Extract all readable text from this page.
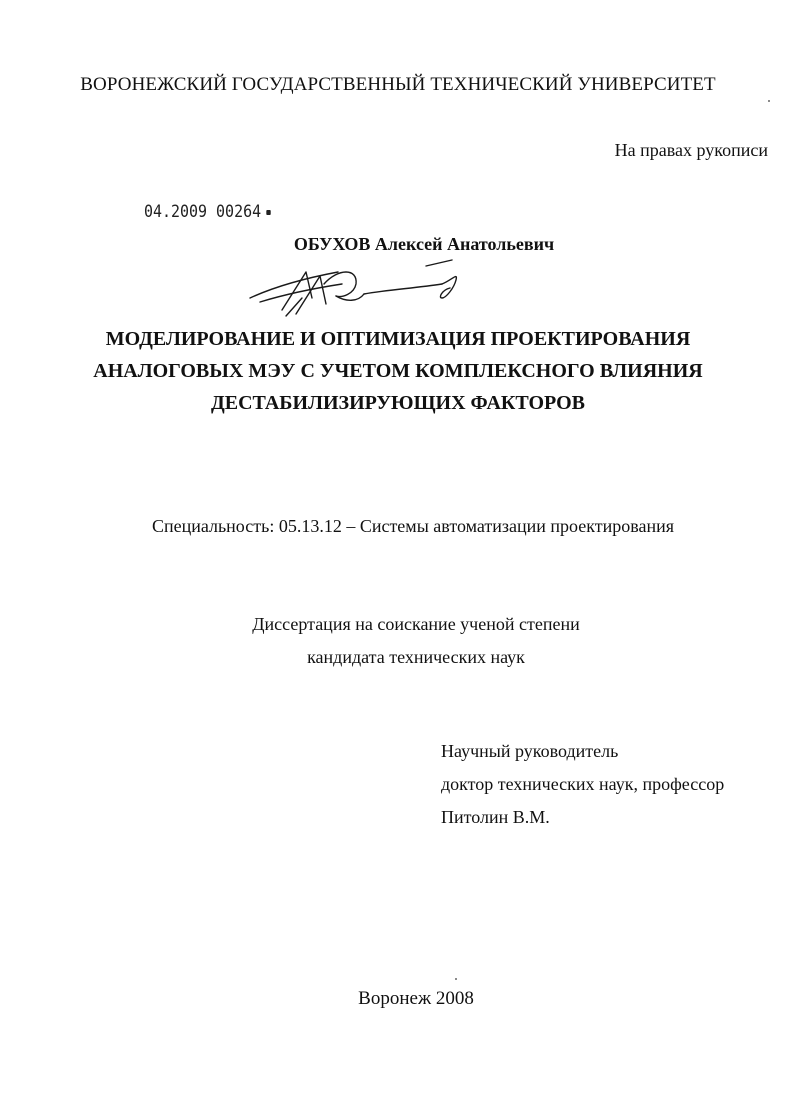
ВОРОНЕЖСКИЙ ГОСУДАРСТВЕННЫЙ ТЕХНИЧЕСКИЙ УНИВЕРСИТЕТ
На правах рукописи
04.2009 00264
ОБУХОВ Алексей Анатольевич
МОДЕЛИРОВАНИЕ И ОПТИМИЗАЦИЯ ПРОЕКТИРОВАНИЯ
АНАЛОГОВЫХ МЭУ С УЧЕТОМ КОМПЛЕКСНОГО ВЛИЯНИЯ
ДЕСТАБИЛИЗИРУЮЩИХ ФАКТОРОВ
Специальность: 05.13.12 – Системы автоматизации проектирования
Диссертация на соискание ученой степени
кандидата технических наук
Научный руководитель
доктор технических наук, профессор
Питолин В.М.
Воронеж 2008
